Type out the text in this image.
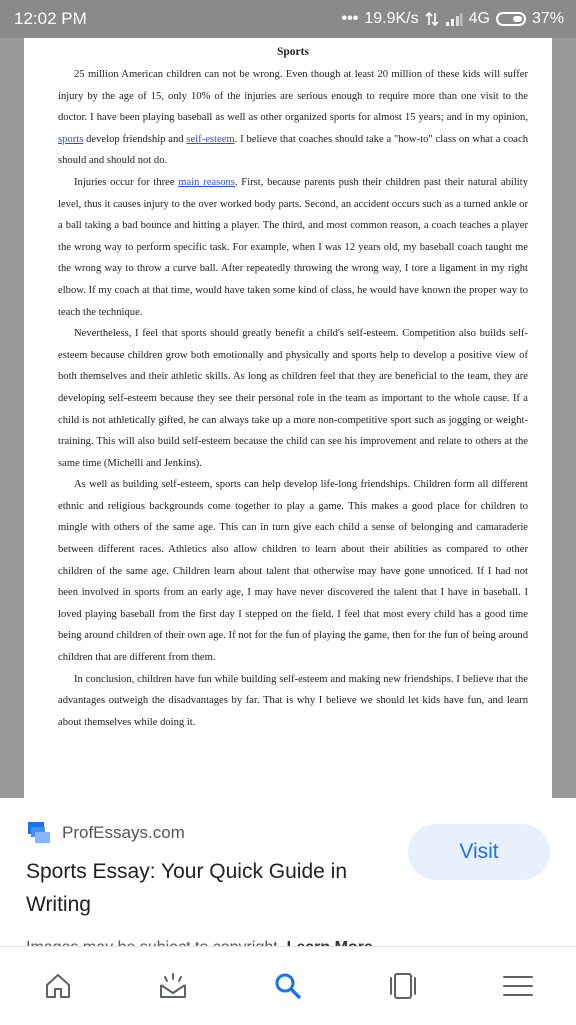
12:02 PM	••• 19.9K/s	4G	37%
Sports

25 million American children can not be wrong. Even though at least 20 million of these kids will suffer injury by the age of 15, only 10% of the injuries are serious enough to require more than one visit to the doctor. I have been playing baseball as well as other organized sports for almost 15 years; and in my opinion, sports develop friendship and self-esteem. I believe that coaches should take a "how-to" class on what a coach should and should not do.

Injuries occur for three main reasons. First, because parents push their children past their natural ability level, thus it causes injury to the over worked body parts. Second, an accident occurs such as a turned ankle or a ball taking a bad bounce and hitting a player. The third, and most common reason, a coach teaches a player the wrong way to perform specific task. For example, when I was 12 years old, my baseball coach taught me the wrong way to throw a curve ball. After repeatedly throwing the wrong way, I tore a ligament in my right elbow. If my coach at that time, would have taken some kind of class, he would have known the proper way to teach the technique.

Nevertheless, I feel that sports should greatly benefit a child's self-esteem. Competition also builds self-esteem because children grow both emotionally and physically and sports help to develop a positive view of both themselves and their athletic skills. As long as children feel that they are beneficial to the team, they are developing self-esteem because they see their personal role in the team as important to the whole cause. If a child is not athletically gifted, he can always take up a more non-competitive sport such as jogging or weight-training. This will also build self-esteem because the child can see his improvement and relate to others at the same time (Michelli and Jenkins).

As well as building self-esteem, sports can help develop life-long friendships. Children form all different ethnic and religious backgrounds come together to play a game. This makes a good place for children to mingle with others of the same age. This can in turn give each child a sense of belonging and camaraderie between different races. Athletics also allow children to learn about their abilities as compared to other children of the same age. Children learn about talent that otherwise may have gone unnoticed. If I had not been involved in sports from an early age, I may have never discovered the talent that I have in baseball. I loved playing baseball from the first day I stepped on the field. I feel that most every child has a good time being around children of their own age. If not for the fun of playing the game, then for the fun of being around children that are different from them.

In conclusion, children have fun while building self-esteem and making new friendships. I believe that the advantages outweigh the disadvantages by far. That is why I believe we should let kids have fun, and learn about themselves while doing it.

ProfEssays.com
Sports Essay: Your Quick Guide in Writing
Visit
